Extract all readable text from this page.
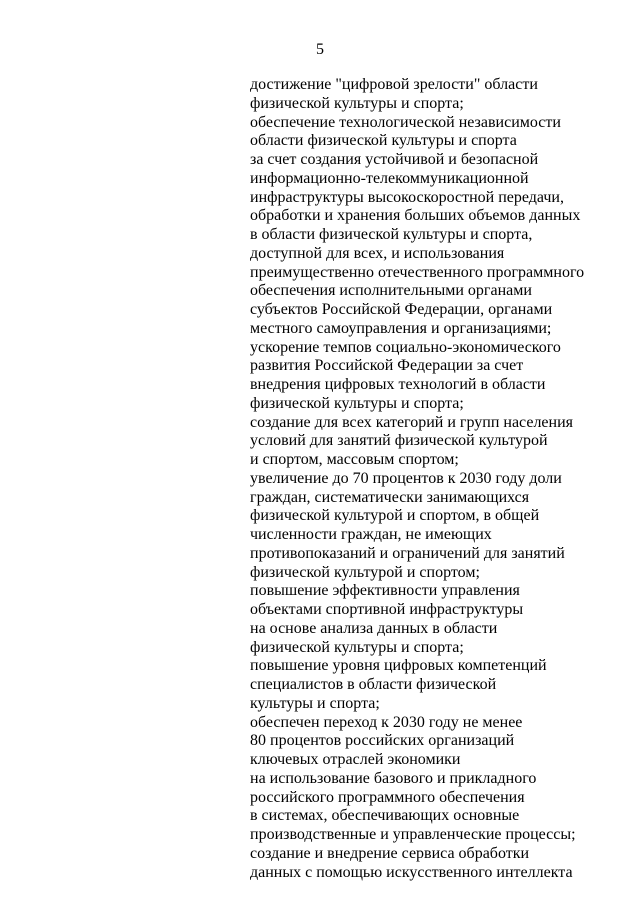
5
достижение "цифровой зрелости" области
физической культуры и спорта;
обеспечение технологической независимости
области физической культуры и спорта
за счет создания устойчивой и безопасной
информационно-телекоммуникационной
инфраструктуры высокоскоростной передачи,
обработки и хранения больших объемов данных
в области физической культуры и спорта,
доступной для всех, и использования
преимущественно отечественного программного
обеспечения исполнительными органами
субъектов Российской Федерации, органами
местного самоуправления и организациями;
ускорение темпов социально-экономического
развития Российской Федерации за счет
внедрения цифровых технологий в области
физической культуры и спорта;
создание для всех категорий и групп населения
условий для занятий физической культурой
и спортом, массовым спортом;
увеличение до 70 процентов к 2030 году доли
граждан, систематически занимающихся
физической культурой и спортом, в общей
численности граждан, не имеющих
противопоказаний и ограничений для занятий
физической культурой и спортом;
повышение эффективности управления
объектами спортивной инфраструктуры
на основе анализа данных в области
физической культуры и спорта;
повышение уровня цифровых компетенций
специалистов в области физической
культуры и спорта;
обеспечен переход к 2030 году не менее
80 процентов российских организаций
ключевых отраслей экономики
на использование базового и прикладного
российского программного обеспечения
в системах, обеспечивающих основные
производственные и управленческие процессы;
создание и внедрение сервиса обработки
данных с помощью искусственного интеллекта
